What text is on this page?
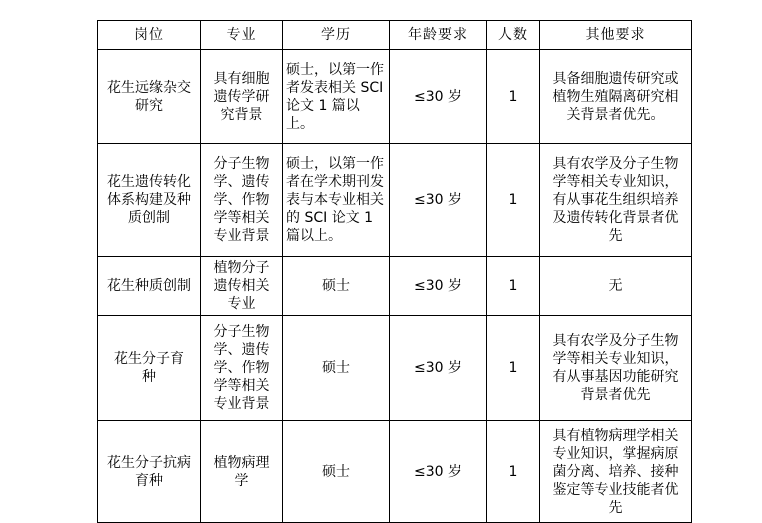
岗位	专业	学历	年龄要求	人数	其他要求
花生远缘杂交研究	具有细胞遗传学研究背景	硕士，以第一作者发表相关 SCI 论文 1 篇以上。	≤30 岁	1	具备细胞遗传研究或植物生殖隔离研究相关背景者优先。
花生遗传转化体系构建及种质创制	分子生物学、遗传学、作物学等相关专业背景	硕士，以第一作者在学术期刊发表与本专业相关的 SCI 论文 1 篇以上。	≤30 岁	1	具有农学及分子生物学等相关专业知识，有从事花生组织培养及遗传转化背景者优先
花生种质创制	植物分子遗传相关专业	硕士	≤30 岁	1	无
花生分子育种	分子生物学、遗传学、作物学等相关专业背景	硕士	≤30 岁	1	具有农学及分子生物学等相关专业知识，有从事基因功能研究背景者优先
花生分子抗病育种	植物病理学	硕士	≤30 岁	1	具有植物病理学相关专业知识，掌握病原菌分离、培养、接种鉴定等专业技能者优先
